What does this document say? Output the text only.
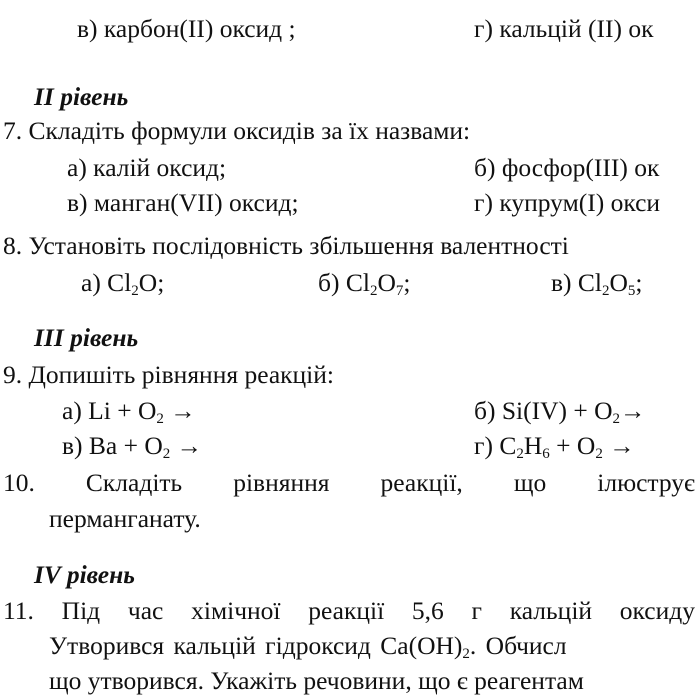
в) карбон(II) оксид ;	г) кальцій (II) ок
II рівень
7. Складіть формули оксидів за їх назвами:
а) калій оксид;	б) фосфор(III) ок
в) манган(VII) оксид;	г) купрум(І) окси
8. Установіть послідовність збільшення валентності
а) $Cl_2O$;	б) $Cl_2O_7$;	в) $Cl_2O_5$;
III рівень
9. Допишіть рівняння реакцій:
а) $Li + O_2$ →	б) $Si(IV) + O_2\to$
в) $Ba + O_2$ →	г) $C_2H_6 + O_2$ →
10. Складіть рівняння реакції, що ілюструє
перманганату.
IV рівень
11. Під час хімічної реакції 5,6 г кальцій оксиду
Утворився кальцій гідроксид $Ca(OH)_2$. Обчисл
що утворився. Укажіть речовини, що є реагентам
